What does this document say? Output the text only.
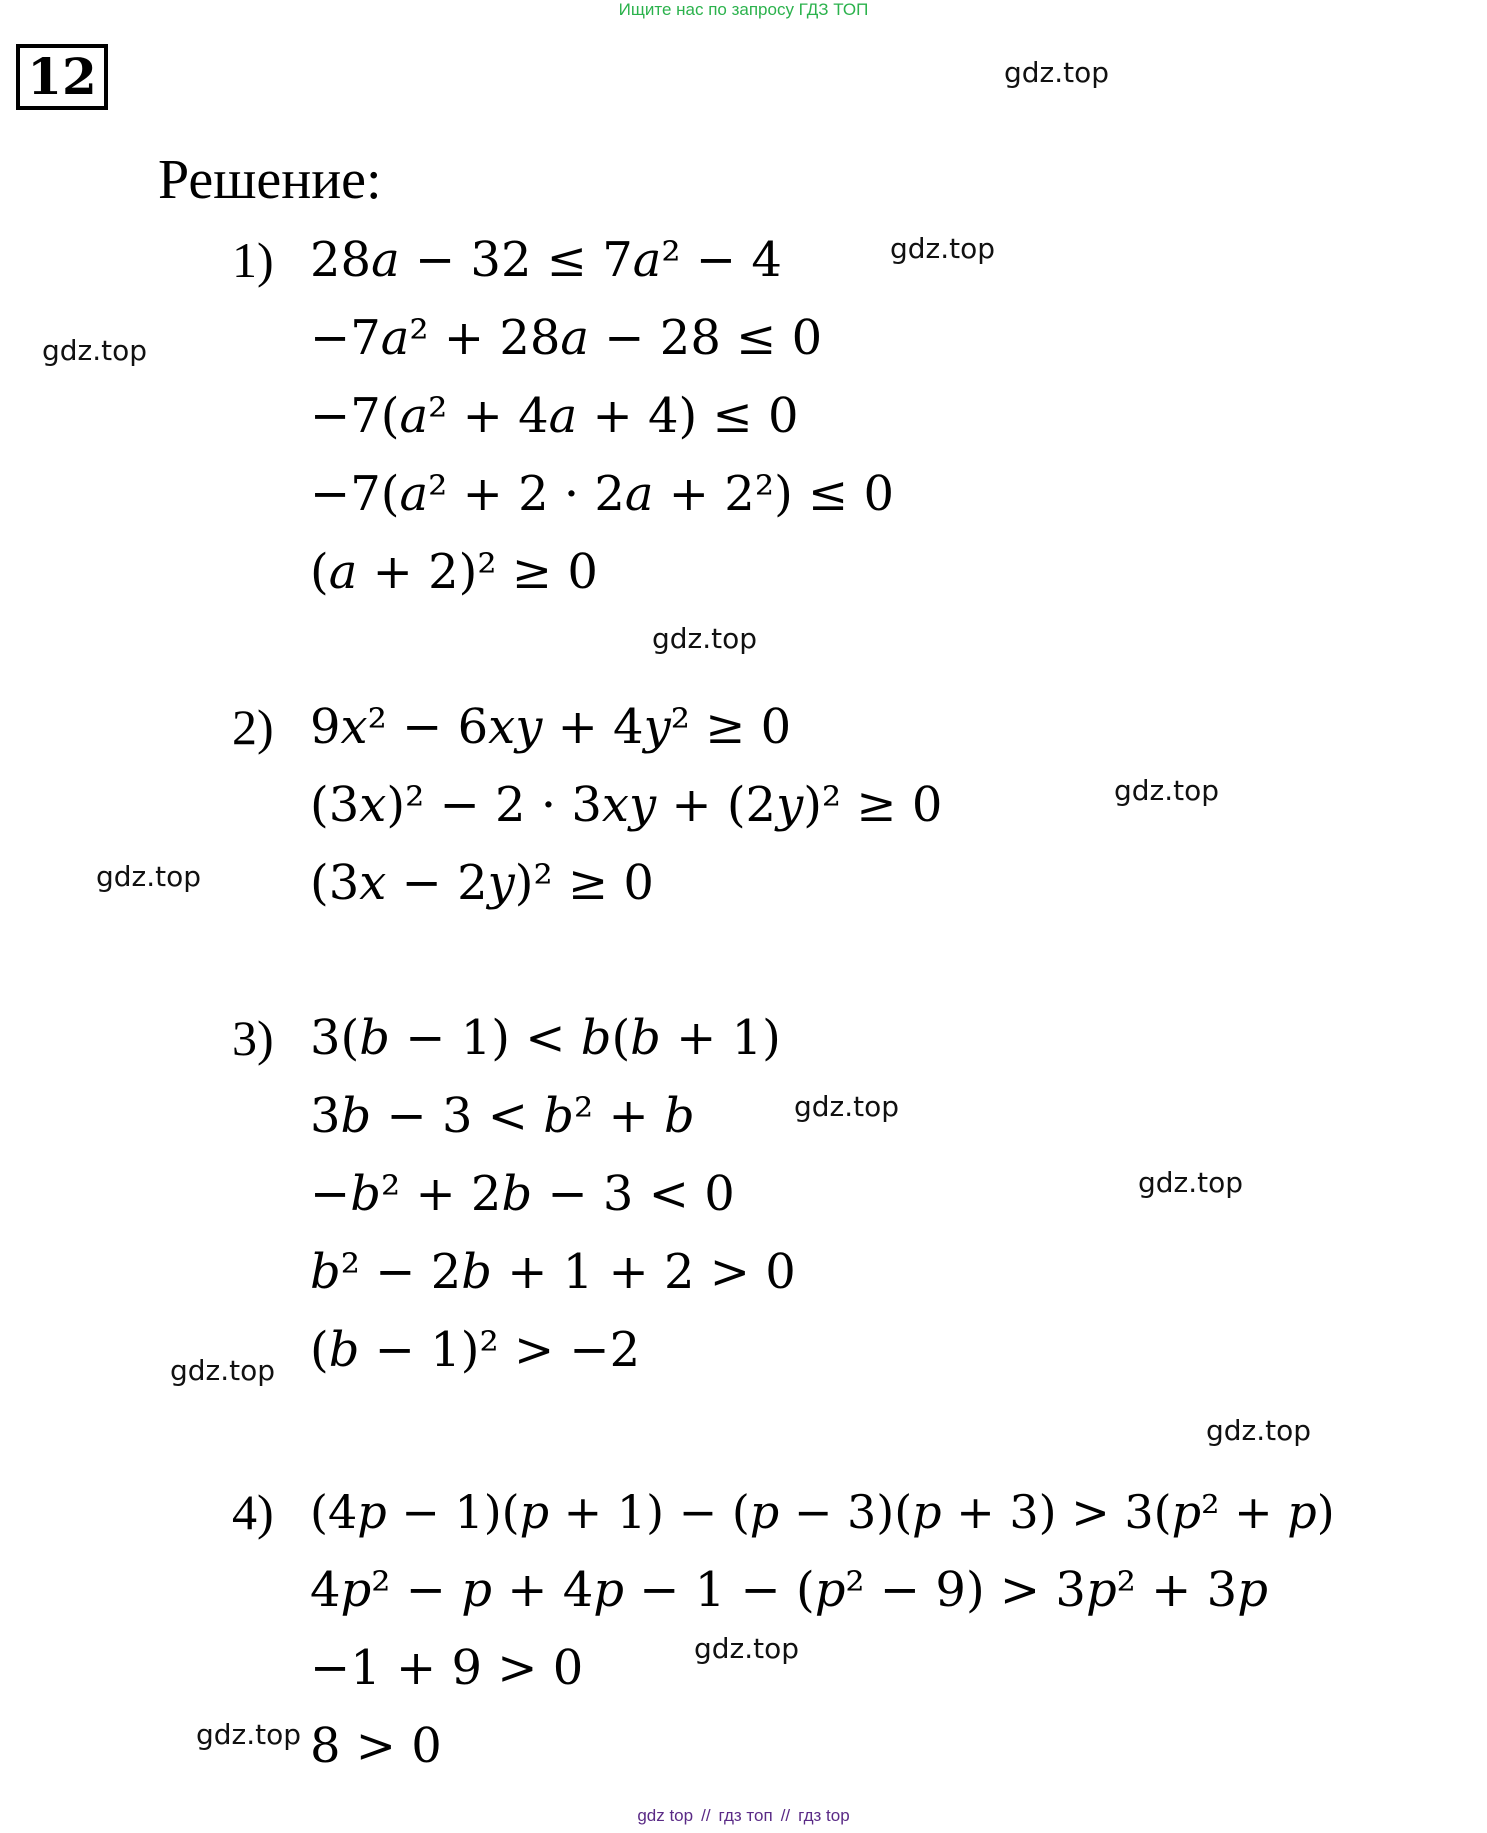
Ищите нас по запросу ГДЗ ТОП
12
Решение:
1) 28𝑎 − 32 ≤ 7𝑎² − 4
−7𝑎² + 28𝑎 − 28 ≤ 0
−7(𝑎² + 4𝑎 + 4) ≤ 0
−7(𝑎² + 2 · 2𝑎 + 2²) ≤ 0
(𝑎 + 2)² ≥ 0
2) 9𝑥² − 6𝑥𝑦 + 4𝑦² ≥ 0
(3𝑥)² − 2 · 3𝑥𝑦 + (2𝑦)² ≥ 0
(3𝑥 − 2𝑦)² ≥ 0
3) 3(𝑏 − 1) < 𝑏(𝑏 + 1)
3𝑏 − 3 < 𝑏² + 𝑏
−𝑏² + 2𝑏 − 3 < 0
𝑏² − 2𝑏 + 1 + 2 > 0
(𝑏 − 1)² > −2
4) (4𝑝 − 1)(𝑝 + 1) − (𝑝 − 3)(𝑝 + 3) > 3(𝑝² + 𝑝)
4𝑝² − 𝑝 + 4𝑝 − 1 − (𝑝² − 9) > 3𝑝² + 3𝑝
−1 + 9 > 0
8 > 0
gdz.top
gdz.top
gdz.top
gdz.top
gdz.top
gdz.top
gdz.top
gdz.top
gdz.top
gdz.top
gdz.top
gdz.top
gdz top // гдз топ // гдз top
